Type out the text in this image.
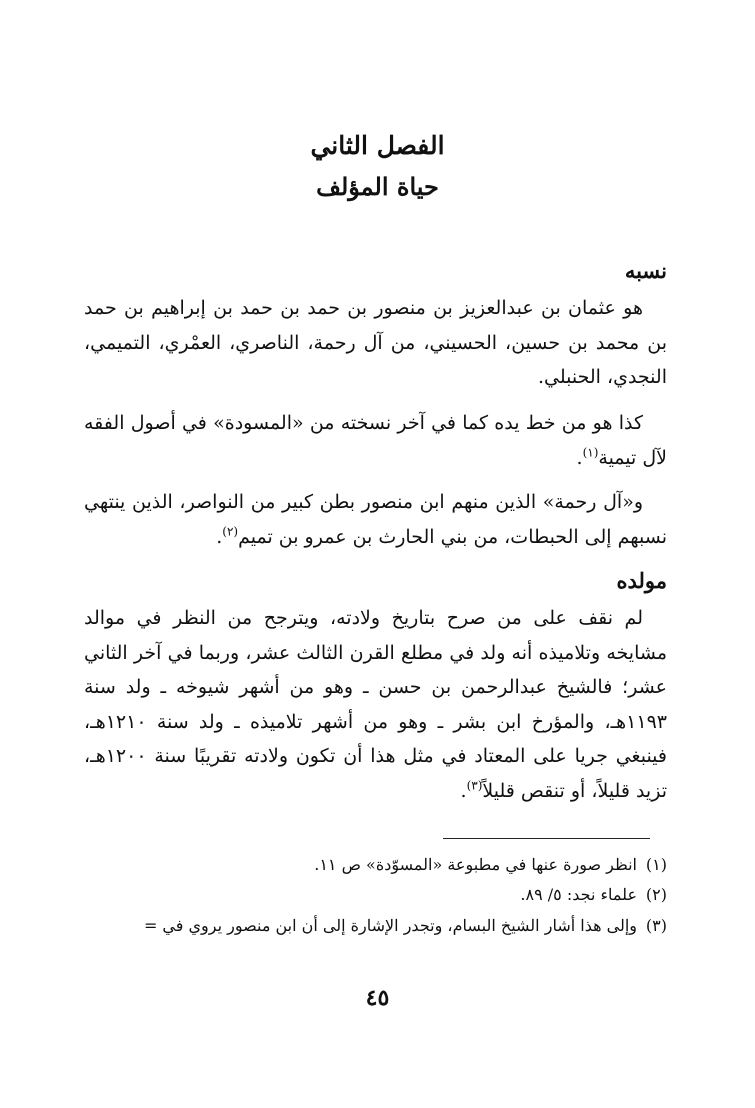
الفصل الثاني
حياة المؤلف
نسبه

هو عثمان بن عبدالعزيز بن منصور بن حمد بن حمد بن إبراهيم بن حمد بن محمد بن حسين، الحسيني، من آل رحمة، الناصري، العمْري، التميمي، النجدي، الحنبلي.

كذا هو من خط يده كما في آخر نسخته من «المسودة» في أصول الفقه لآل تيمية$^{(١)}$.

و«آل رحمة» الذين منهم ابن منصور بطن كبير من النواصر، الذين ينتهي نسبهم إلى الحبطات، من بني الحارث بن عمرو بن تميم$^{(٢)}$.

مولده

لم نقف على من صرح بتاريخ ولادته، ويترجح من النظر في موالد مشايخه وتلاميذه أنه ولد في مطلع القرن الثالث عشر، وربما في آخر الثاني عشر؛ فالشيخ عبدالرحمن بن حسن ـ وهو من أشهر شيوخه ـ ولد سنة ١١٩٣هـ، والمؤرخ ابن بشر ـ وهو من أشهر تلاميذه ـ ولد سنة ١٢١٠هـ، فينبغي جريا على المعتاد في مثل هذا أن تكون ولادته تقريبًا سنة ١٢٠٠هـ، تزيد قليلاً، أو تنقص قليلاً$^{(٣)}$.

(١)انظر صورة عنها في مطبوعة «المسوّدة» ص ١١.

(٢)علماء نجد: ٥/ ٨٩.

(٣)وإلى هذا أشار الشيخ البسام، وتجدر الإشارة إلى أن ابن منصور يروي في =

٤٥
